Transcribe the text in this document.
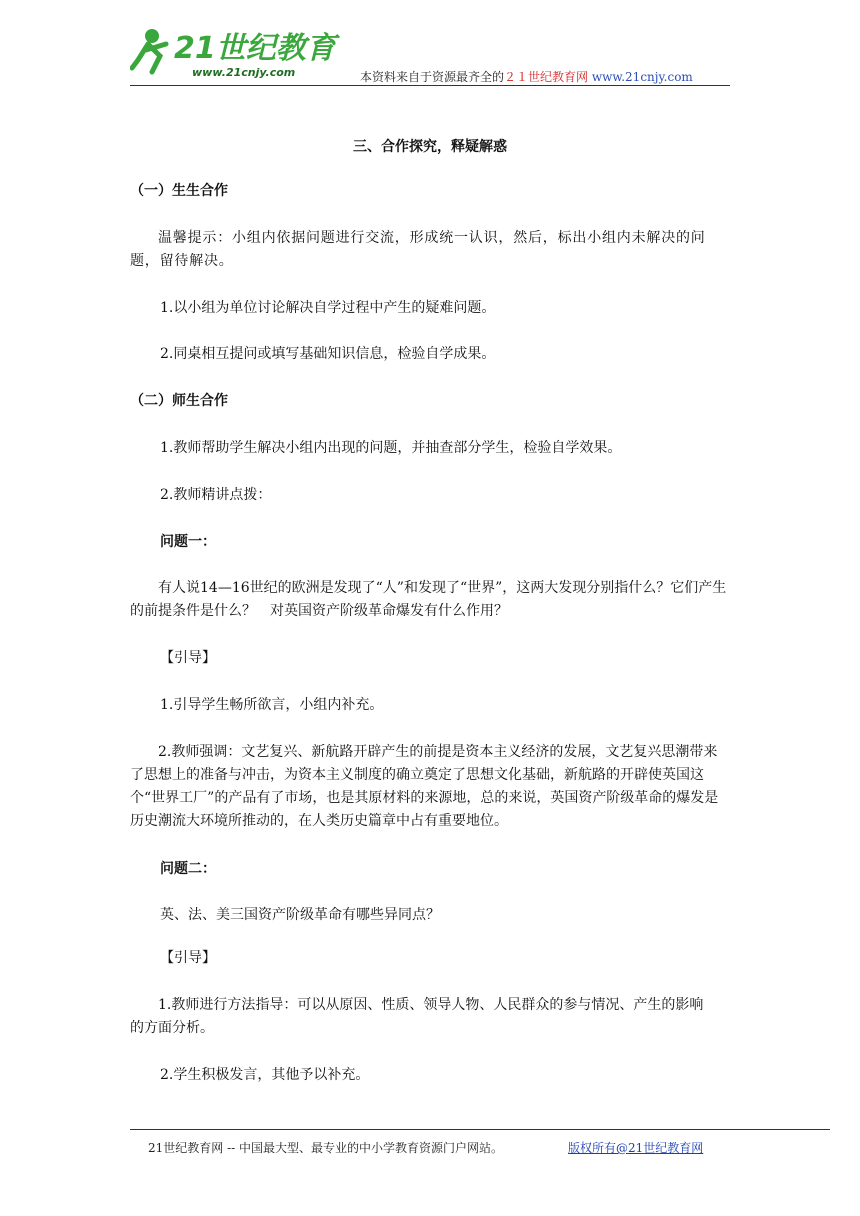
21世纪教育
www.21cnjy.com	本资料来自于资源最齐全的２１世纪教育网 www.21cnjy.com
三、合作探究，释疑解惑
（一）生生合作
温馨提示：小组内依据问题进行交流，形成统一认识，然后，标出小组内未解决的问题，留待解决。
1.以小组为单位讨论解决自学过程中产生的疑难问题。
2.同桌相互提问或填写基础知识信息，检验自学成果。
（二）师生合作
1.教师帮助学生解决小组内出现的问题，并抽查部分学生，检验自学效果。
2.教师精讲点拨：
问题一：
有人说14—16世纪的欧洲是发现了“人”和发现了“世界”，这两大发现分别指什么？它们产生的前提条件是什么？　对英国资产阶级革命爆发有什么作用？
【引导】
1.引导学生畅所欲言，小组内补充。
2.教师强调：文艺复兴、新航路开辟产生的前提是资本主义经济的发展，文艺复兴思潮带来了思想上的准备与冲击，为资本主义制度的确立奠定了思想文化基础，新航路的开辟使英国这个“世界工厂”的产品有了市场，也是其原材料的来源地，总的来说，英国资产阶级革命的爆发是历史潮流大环境所推动的，在人类历史篇章中占有重要地位。
问题二：
英、法、美三国资产阶级革命有哪些异同点？
【引导】
1.教师进行方法指导：可以从原因、性质、领导人物、人民群众的参与情况、产生的影响的方面分析。
2.学生积极发言，其他予以补充。
21世纪教育网 -- 中国最大型、最专业的中小学教育资源门户网站。	版权所有@21世纪教育网
